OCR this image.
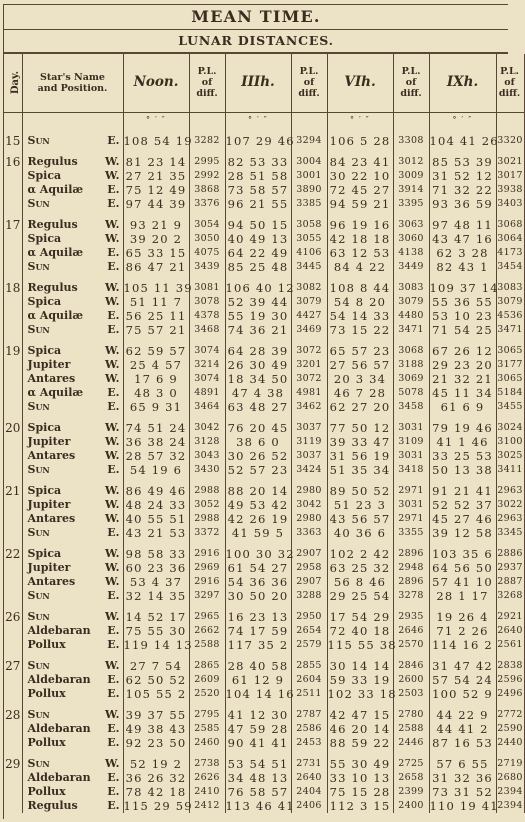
MEAN TIME.
LUNAR DISTANCES.
Day.	Star's Name and Position.	Noon.	P.L. of diff.	IIIh.	P.L. of diff.	VIh.	P.L. of diff.	IXh.	P.L. of diff.

		° ′ ″		° ′ ″		° ′ ″		° ′ ″	

15	Sun E.	108 54 19	3282	107 29 46	3294	106 5 28	3308	104 41 26	3320

16	Regulus W.	81 23 14	2995	82 53 33	3004	84 23 41	3012	85 53 39	3021
	Spica W.	27 21 35	2992	28 51 58	3001	30 22 10	3009	31 52 12	3017
	α Aquilæ E.	75 12 49	3868	73 58 57	3890	72 45 27	3914	71 32 22	3938
	Sun E.	97 44 39	3376	96 21 55	3385	94 59 21	3395	93 36 59	3403

17	Regulus W.	93 21 9	3054	94 50 15	3058	96 19 16	3063	97 48 11	3068
	Spica W.	39 20 2	3050	40 49 13	3055	42 18 18	3060	43 47 16	3064
	α Aquilæ E.	65 33 15	4075	64 22 49	4106	63 12 53	4138	62 3 28	4173
	Sun E.	86 47 21	3439	85 25 48	3445	84 4 22	3449	82 43 1	3454

18	Regulus W.	105 11 39	3081	106 40 12	3082	108 8 44	3083	109 37 14	3083
	Spica W.	51 11 7	3078	52 39 44	3079	54 8 20	3079	55 36 55	3079
	α Aquilæ E.	56 25 11	4378	55 19 30	4427	54 14 33	4480	53 10 23	4536
	Sun E.	75 57 21	3468	74 36 21	3469	73 15 22	3471	71 54 25	3471

19	Spica W.	62 59 57	3074	64 28 39	3072	65 57 23	3068	67 26 12	3065
	Jupiter W.	25 4 57	3214	26 30 49	3201	27 56 57	3188	29 23 20	3177
	Antares W.	17 6 9	3074	18 34 50	3072	20 3 34	3069	21 32 21	3065
	α Aquilæ E.	48 3 0	4891	47 4 38	4981	46 7 28	5078	45 11 34	5184
	Sun E.	65 9 31	3464	63 48 27	3462	62 27 20	3458	61 6 9	3455

20	Spica W.	74 51 24	3042	76 20 45	3037	77 50 12	3031	79 19 46	3024
	Jupiter W.	36 38 24	3128	38 6 0	3119	39 33 47	3109	41 1 46	3100
	Antares W.	28 57 32	3043	30 26 52	3037	31 56 19	3031	33 25 53	3025
	Sun E.	54 19 6	3430	52 57 23	3424	51 35 34	3418	50 13 38	3411

21	Spica W.	86 49 46	2988	88 20 14	2980	89 50 52	2971	91 21 41	2963
	Jupiter W.	48 24 33	3052	49 53 42	3042	51 23 3	3031	52 52 37	3022
	Antares W.	40 55 51	2988	42 26 19	2980	43 56 57	2971	45 27 46	2963
	Sun E.	43 21 53	3372	41 59 5	3363	40 36 6	3355	39 12 58	3345

22	Spica W.	98 58 33	2916	100 30 32	2907	102 2 42	2896	103 35 6	2886
	Jupiter W.	60 23 36	2969	61 54 27	2958	63 25 32	2948	64 56 50	2937
	Antares W.	53 4 37	2916	54 36 36	2907	56 8 46	2896	57 41 10	2887
	Sun E.	32 14 35	3297	30 50 20	3288	29 25 54	3278	28 1 17	3268

26	Sun W.	14 52 17	2965	16 23 13	2950	17 54 29	2935	19 26 4	2921
	Aldebaran E.	75 55 30	2662	74 17 59	2654	72 40 18	2646	71 2 26	2640
	Pollux E.	119 14 13	2588	117 35 2	2579	115 55 38	2570	114 16 2	2561

27	Sun W.	27 7 54	2865	28 40 58	2855	30 14 14	2846	31 47 42	2838
	Aldebaran E.	62 50 52	2609	61 12 9	2604	59 33 19	2600	57 54 24	2596
	Pollux E.	105 55 2	2520	104 14 16	2511	102 33 18	2503	100 52 9	2496

28	Sun W.	39 37 55	2795	41 12 30	2787	42 47 15	2780	44 22 9	2772
	Aldebaran E.	49 38 43	2585	47 59 28	2586	46 20 14	2588	44 41 2	2590
	Pollux E.	92 23 50	2460	90 41 41	2453	88 59 22	2446	87 16 53	2440

29	Sun W.	52 19 2	2738	53 54 51	2731	55 30 49	2725	57 6 55	2719
	Aldebaran E.	36 26 32	2626	34 48 13	2640	33 10 13	2658	31 32 36	2680
	Pollux E.	78 42 18	2410	76 58 57	2404	75 15 28	2399	73 31 52	2394
	Regulus E.	115 29 59	2412	113 46 41	2406	112 3 15	2400	110 19 41	2394
